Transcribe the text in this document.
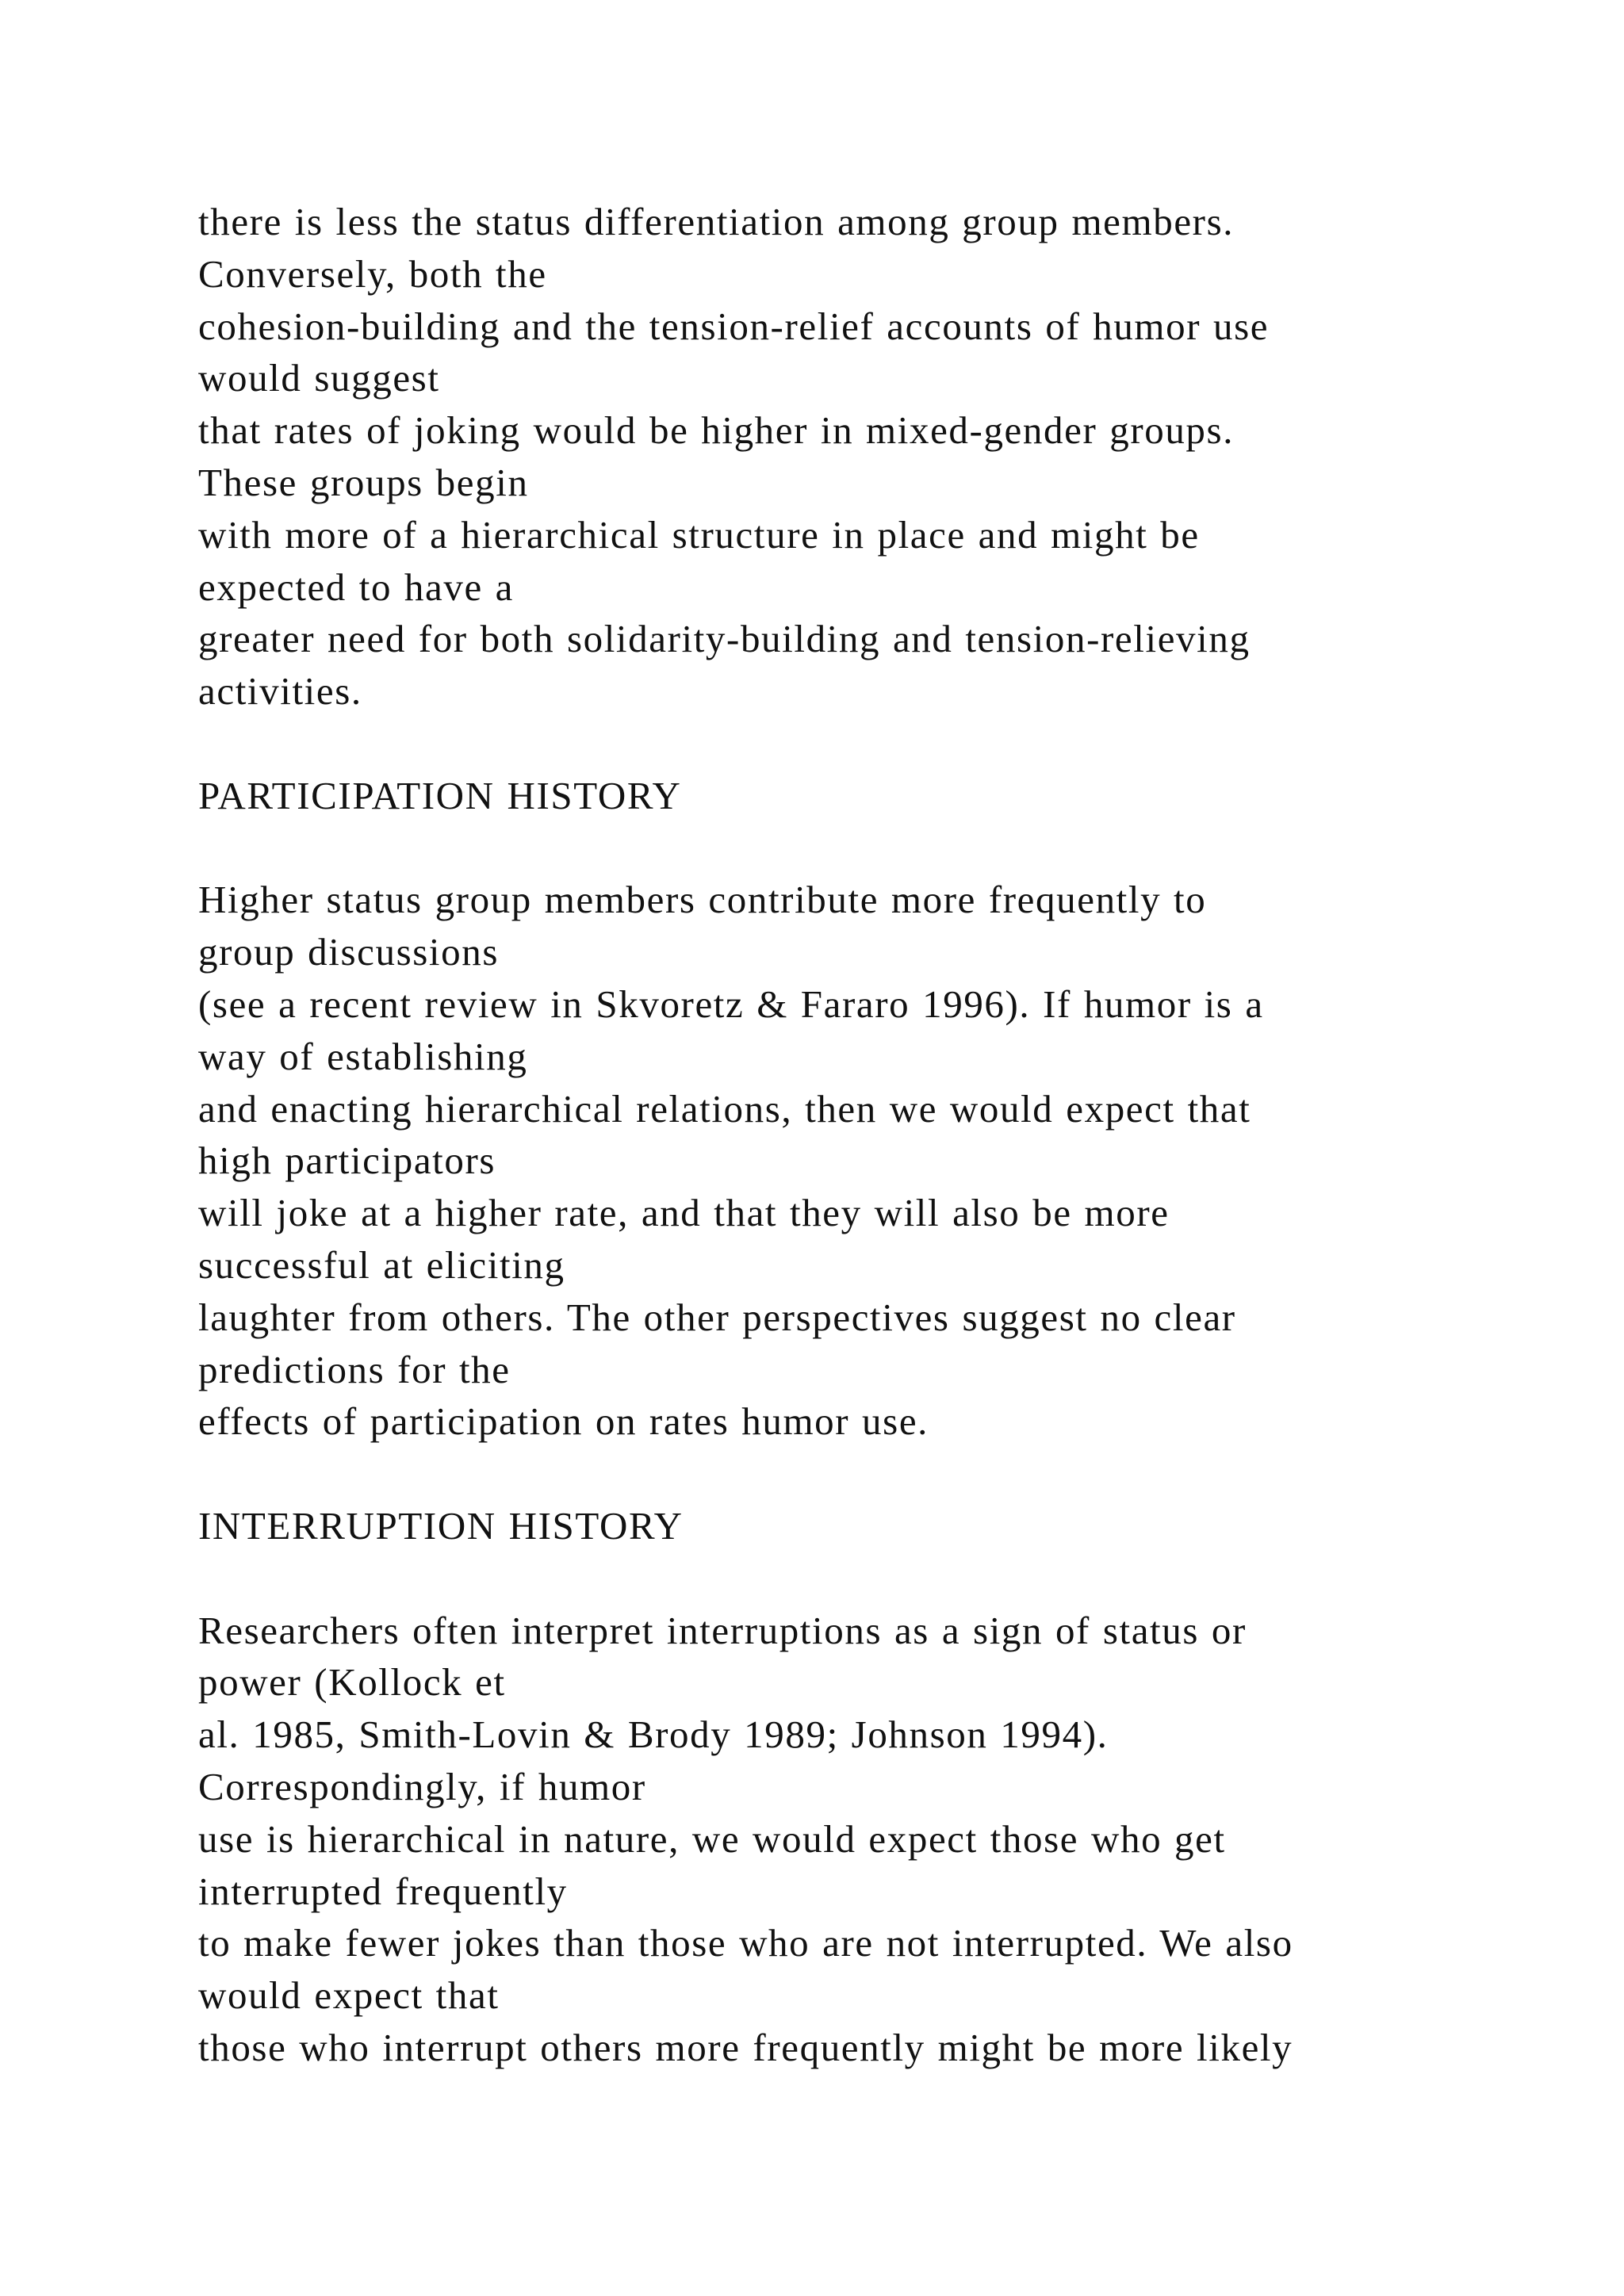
there is less the status differentiation among group members.
Conversely, both the
cohesion-building and the tension-relief accounts of humor use
would suggest
that rates of joking would be higher in mixed-gender groups.
These groups begin
with more of a hierarchical structure in place and might be
expected to have a
greater need for both solidarity-building and tension-relieving
activities.
PARTICIPATION HISTORY
Higher status group members contribute more frequently to
group discussions
(see a recent review in Skvoretz & Fararo 1996). If humor is a
way of establishing
and enacting hierarchical relations, then we would expect that
high participators
will joke at a higher rate, and that they will also be more
successful at eliciting
laughter from others. The other perspectives suggest no clear
predictions for the
effects of participation on rates humor use.
INTERRUPTION HISTORY
Researchers often interpret interruptions as a sign of status or
power (Kollock et
al. 1985, Smith-Lovin & Brody 1989; Johnson 1994).
Correspondingly, if humor
use is hierarchical in nature, we would expect those who get
interrupted frequently
to make fewer jokes than those who are not interrupted. We also
would expect that
those who interrupt others more frequently might be more likely
